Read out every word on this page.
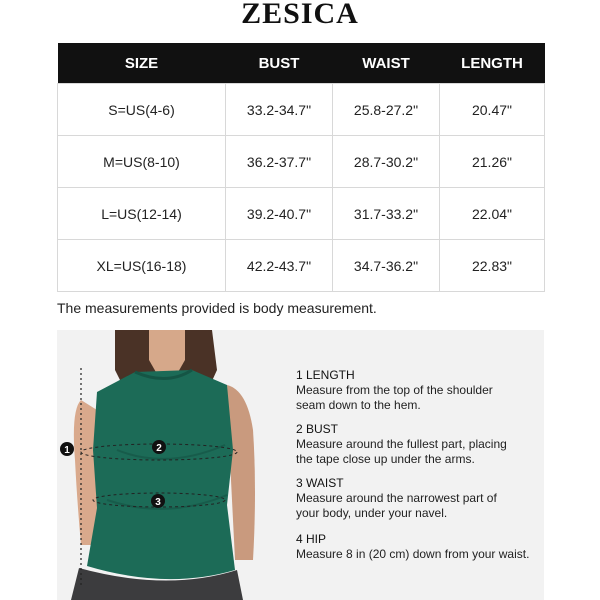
ZESICA
SIZE	BUST	WAIST	LENGTH
S=US(4-6)	33.2-34.7"	25.8-27.2"	20.47"
M=US(8-10)	36.2-37.7"	28.7-30.2"	21.26"
L=US(12-14)	39.2-40.7"	31.7-33.2"	22.04"
XL=US(16-18)	42.2-43.7"	34.7-36.2"	22.83"
The measurements provided is body measurement.
1	2
3
1 LENGTH
Measure from the top of the shoulder
seam down to the hem.
2 BUST
Measure around the fullest part, placing
the tape close up under the arms.
3 WAIST
Measure around the narrowest part of
your body, under your navel.
4 HIP
Measure 8 in (20 cm) down from your waist.
